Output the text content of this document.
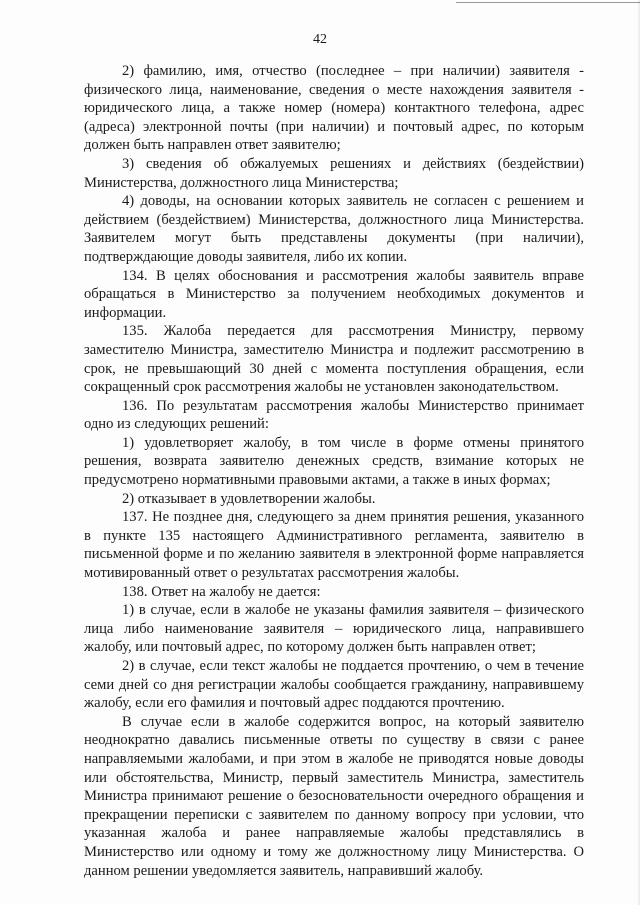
42

2) фамилию, имя, отчество (последнее – при наличии) заявителя - физического лица, наименование, сведения о месте нахождения заявителя - юридического лица, а также номер (номера) контактного телефона, адрес (адреса) электронной почты (при наличии) и почтовый адрес, по которым должен быть направлен ответ заявителю;

3) сведения об обжалуемых решениях и действиях (бездействии) Министерства, должностного лица Министерства;

4) доводы, на основании которых заявитель не согласен с решением и действием (бездействием) Министерства, должностного лица Министерства. Заявителем могут быть представлены документы (при наличии), подтверждающие доводы заявителя, либо их копии.

134. В целях обоснования и рассмотрения жалобы заявитель вправе обращаться в Министерство за получением необходимых документов и информации.

135. Жалоба передается для рассмотрения Министру, первому заместителю Министра, заместителю Министра и подлежит рассмотрению в срок, не превышающий 30 дней с момента поступления обращения, если сокращенный срок рассмотрения жалобы не установлен законодательством.

136. По результатам рассмотрения жалобы Министерство принимает одно из следующих решений:

1) удовлетворяет жалобу, в том числе в форме отмены принятого решения, возврата заявителю денежных средств, взимание которых не предусмотрено нормативными правовыми актами, а также в иных формах;

2) отказывает в удовлетворении жалобы.

137. Не позднее дня, следующего за днем принятия решения, указанного в пункте 135 настоящего Административного регламента, заявителю в письменной форме и по желанию заявителя в электронной форме направляется мотивированный ответ о результатах рассмотрения жалобы.

138. Ответ на жалобу не дается:

1) в случае, если в жалобе не указаны фамилия заявителя – физического лица либо наименование заявителя – юридического лица, направившего жалобу, или почтовый адрес, по которому должен быть направлен ответ;

2) в случае, если текст жалобы не поддается прочтению, о чем в течение семи дней со дня регистрации жалобы сообщается гражданину, направившему жалобу, если его фамилия и почтовый адрес поддаются прочтению.

В случае если в жалобе содержится вопрос, на который заявителю неоднократно давались письменные ответы по существу в связи с ранее направляемыми жалобами, и при этом в жалобе не приводятся новые доводы или обстоятельства, Министр, первый заместитель Министра, заместитель Министра принимают решение о безосновательности очередного обращения и прекращении переписки с заявителем по данному вопросу при условии, что указанная жалоба и ранее направляемые жалобы представлялись в Министерство или одному и тому же должностному лицу Министерства. О данном решении уведомляется заявитель, направивший жалобу.
